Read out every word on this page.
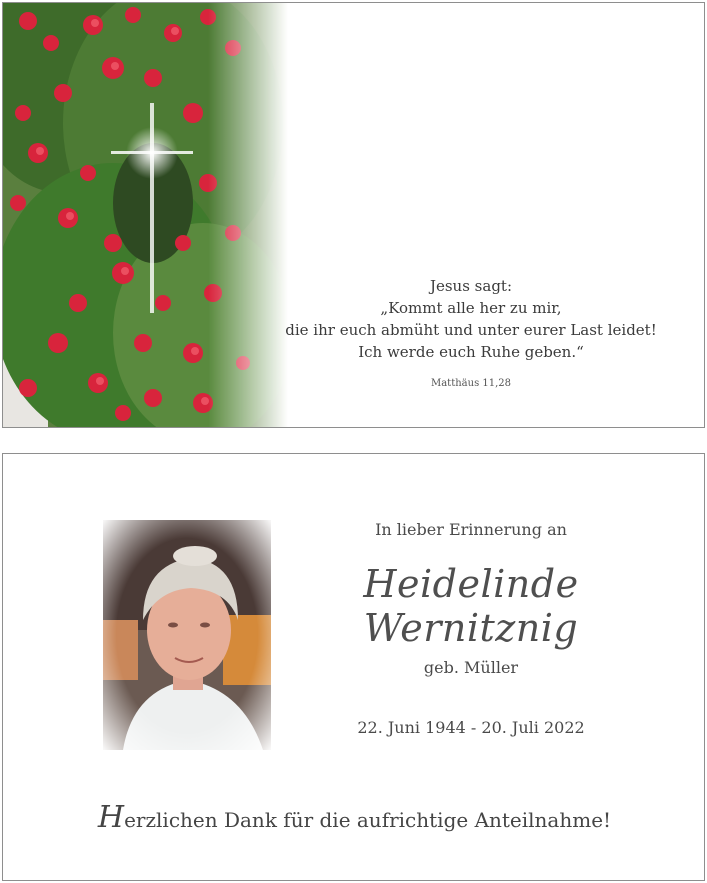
Jesus sagt:
„Kommt alle her zu mir,
die ihr euch abmüht und unter eurer Last leidet!
Ich werde euch Ruhe geben.“
Matthäus 11,28
In lieber Erinnerung an
Heidelinde Wernitznig
geb. Müller
22. Juni 1944 - 20. Juli 2022
Herzlichen Dank für die aufrichtige Anteilnahme!
